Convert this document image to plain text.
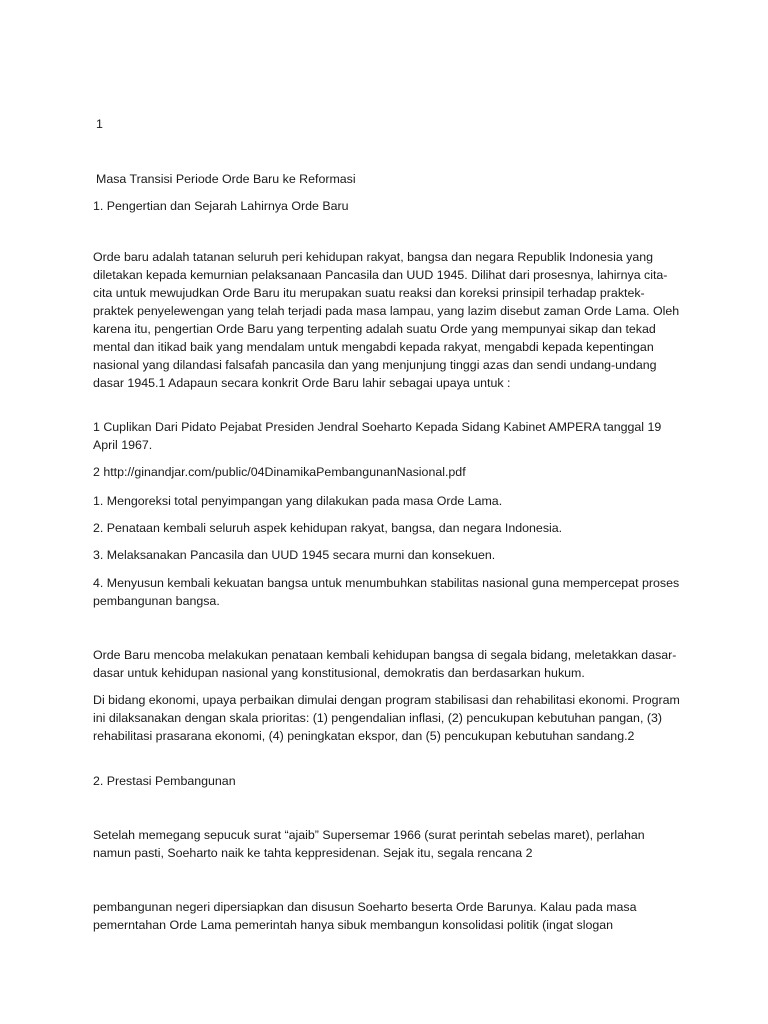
1

Masa Transisi Periode Orde Baru ke Reformasi

1. Pengertian dan Sejarah Lahirnya Orde Baru

Orde baru adalah tatanan seluruh peri kehidupan rakyat, bangsa dan negara Republik Indonesia yang diletakan kepada kemurnian pelaksanaan Pancasila dan UUD 1945. Dilihat dari prosesnya, lahirnya cita-cita untuk mewujudkan Orde Baru itu merupakan suatu reaksi dan koreksi prinsipil terhadap praktek-praktek penyelewengan yang telah terjadi pada masa lampau, yang lazim disebut zaman Orde Lama. Oleh karena itu, pengertian Orde Baru yang terpenting adalah suatu Orde yang mempunyai sikap dan tekad mental dan itikad baik yang mendalam untuk mengabdi kepada rakyat, mengabdi kepada kepentingan nasional yang dilandasi falsafah pancasila dan yang menjunjung tinggi azas dan sendi undang-undang dasar 1945.1 Adapaun secara konkrit Orde Baru lahir sebagai upaya untuk :

1 Cuplikan Dari Pidato Pejabat Presiden Jendral Soeharto Kepada Sidang Kabinet AMPERA tanggal 19 April 1967.

2 http://ginandjar.com/public/04DinamikaPembangunanNasional.pdf

1. Mengoreksi total penyimpangan yang dilakukan pada masa Orde Lama.

2. Penataan kembali seluruh aspek kehidupan rakyat, bangsa, dan negara Indonesia.

3. Melaksanakan Pancasila dan UUD 1945 secara murni dan konsekuen.

4. Menyusun kembali kekuatan bangsa untuk menumbuhkan stabilitas nasional guna mempercepat proses pembangunan bangsa.

Orde Baru mencoba melakukan penataan kembali kehidupan bangsa di segala bidang, meletakkan dasar-dasar untuk kehidupan nasional yang konstitusional, demokratis dan berdasarkan hukum.

Di bidang ekonomi, upaya perbaikan dimulai dengan program stabilisasi dan rehabilitasi ekonomi. Program ini dilaksanakan dengan skala prioritas: (1) pengendalian inflasi, (2) pencukupan kebutuhan pangan, (3) rehabilitasi prasarana ekonomi, (4) peningkatan ekspor, dan (5) pencukupan kebutuhan sandang.2

2. Prestasi Pembangunan

Setelah memegang sepucuk surat “ajaib” Supersemar 1966 (surat perintah sebelas maret), perlahan namun pasti, Soeharto naik ke tahta keppresidenan. Sejak itu, segala rencana 2

pembangunan negeri dipersiapkan dan disusun Soeharto beserta Orde Barunya. Kalau pada masa pemerntahan Orde Lama pemerintah hanya sibuk membangun konsolidasi politik (ingat slogan
